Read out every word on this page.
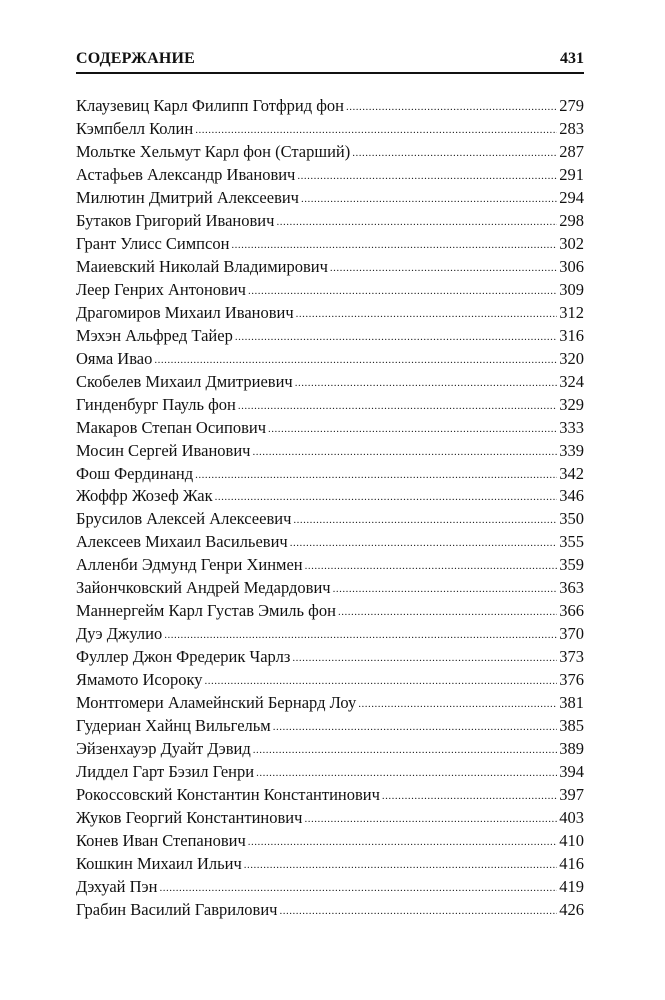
СОДЕРЖАНИЕ	431
Клаузевиц Карл Филипп Готфрид фон .....	279
Кэмпбелл Колин .....	283
Мольтке Хельмут Карл фон (Старший) .....	287
Астафьев Александр Иванович .....	291
Милютин Дмитрий Алексеевич .....	294
Бутаков Григорий Иванович .....	298
Грант Улисс Симпсон .....	302
Маиевский Николай Владимирович .....	306
Леер Генрих Антонович .....	309
Драгомиров Михаил Иванович .....	312
Мэхэн Альфред Тайер .....	316
Ояма Ивао .....	320
Скобелев Михаил Дмитриевич .....	324
Гинденбург Пауль фон .....	329
Макаров Степан Осипович .....	333
Мосин Сергей Иванович .....	339
Фош Фердинанд .....	342
Жоффр Жозеф Жак .....	346
Брусилов Алексей Алексеевич .....	350
Алексеев Михаил Васильевич .....	355
Алленби Эдмунд Генри Хинмен .....	359
Зайончковский Андрей Медардович .....	363
Маннергейм Карл Густав Эмиль фон .....	366
Дуэ Джулио .....	370
Фуллер Джон Фредерик Чарлз .....	373
Ямамото Исороку .....	376
Монтгомери Аламейнский Бернард Лоу .....	381
Гудериан Хайнц Вильгельм .....	385
Эйзенхауэр Дуайт Дэвид .....	389
Лиддел Гарт Бэзил Генри .....	394
Рокоссовский Константин Константинович .....	397
Жуков Георгий Константинович .....	403
Конев Иван Степанович .....	410
Кошкин Михаил Ильич .....	416
Дэхуай Пэн .....	419
Грабин Василий Гаврилович .....	426
